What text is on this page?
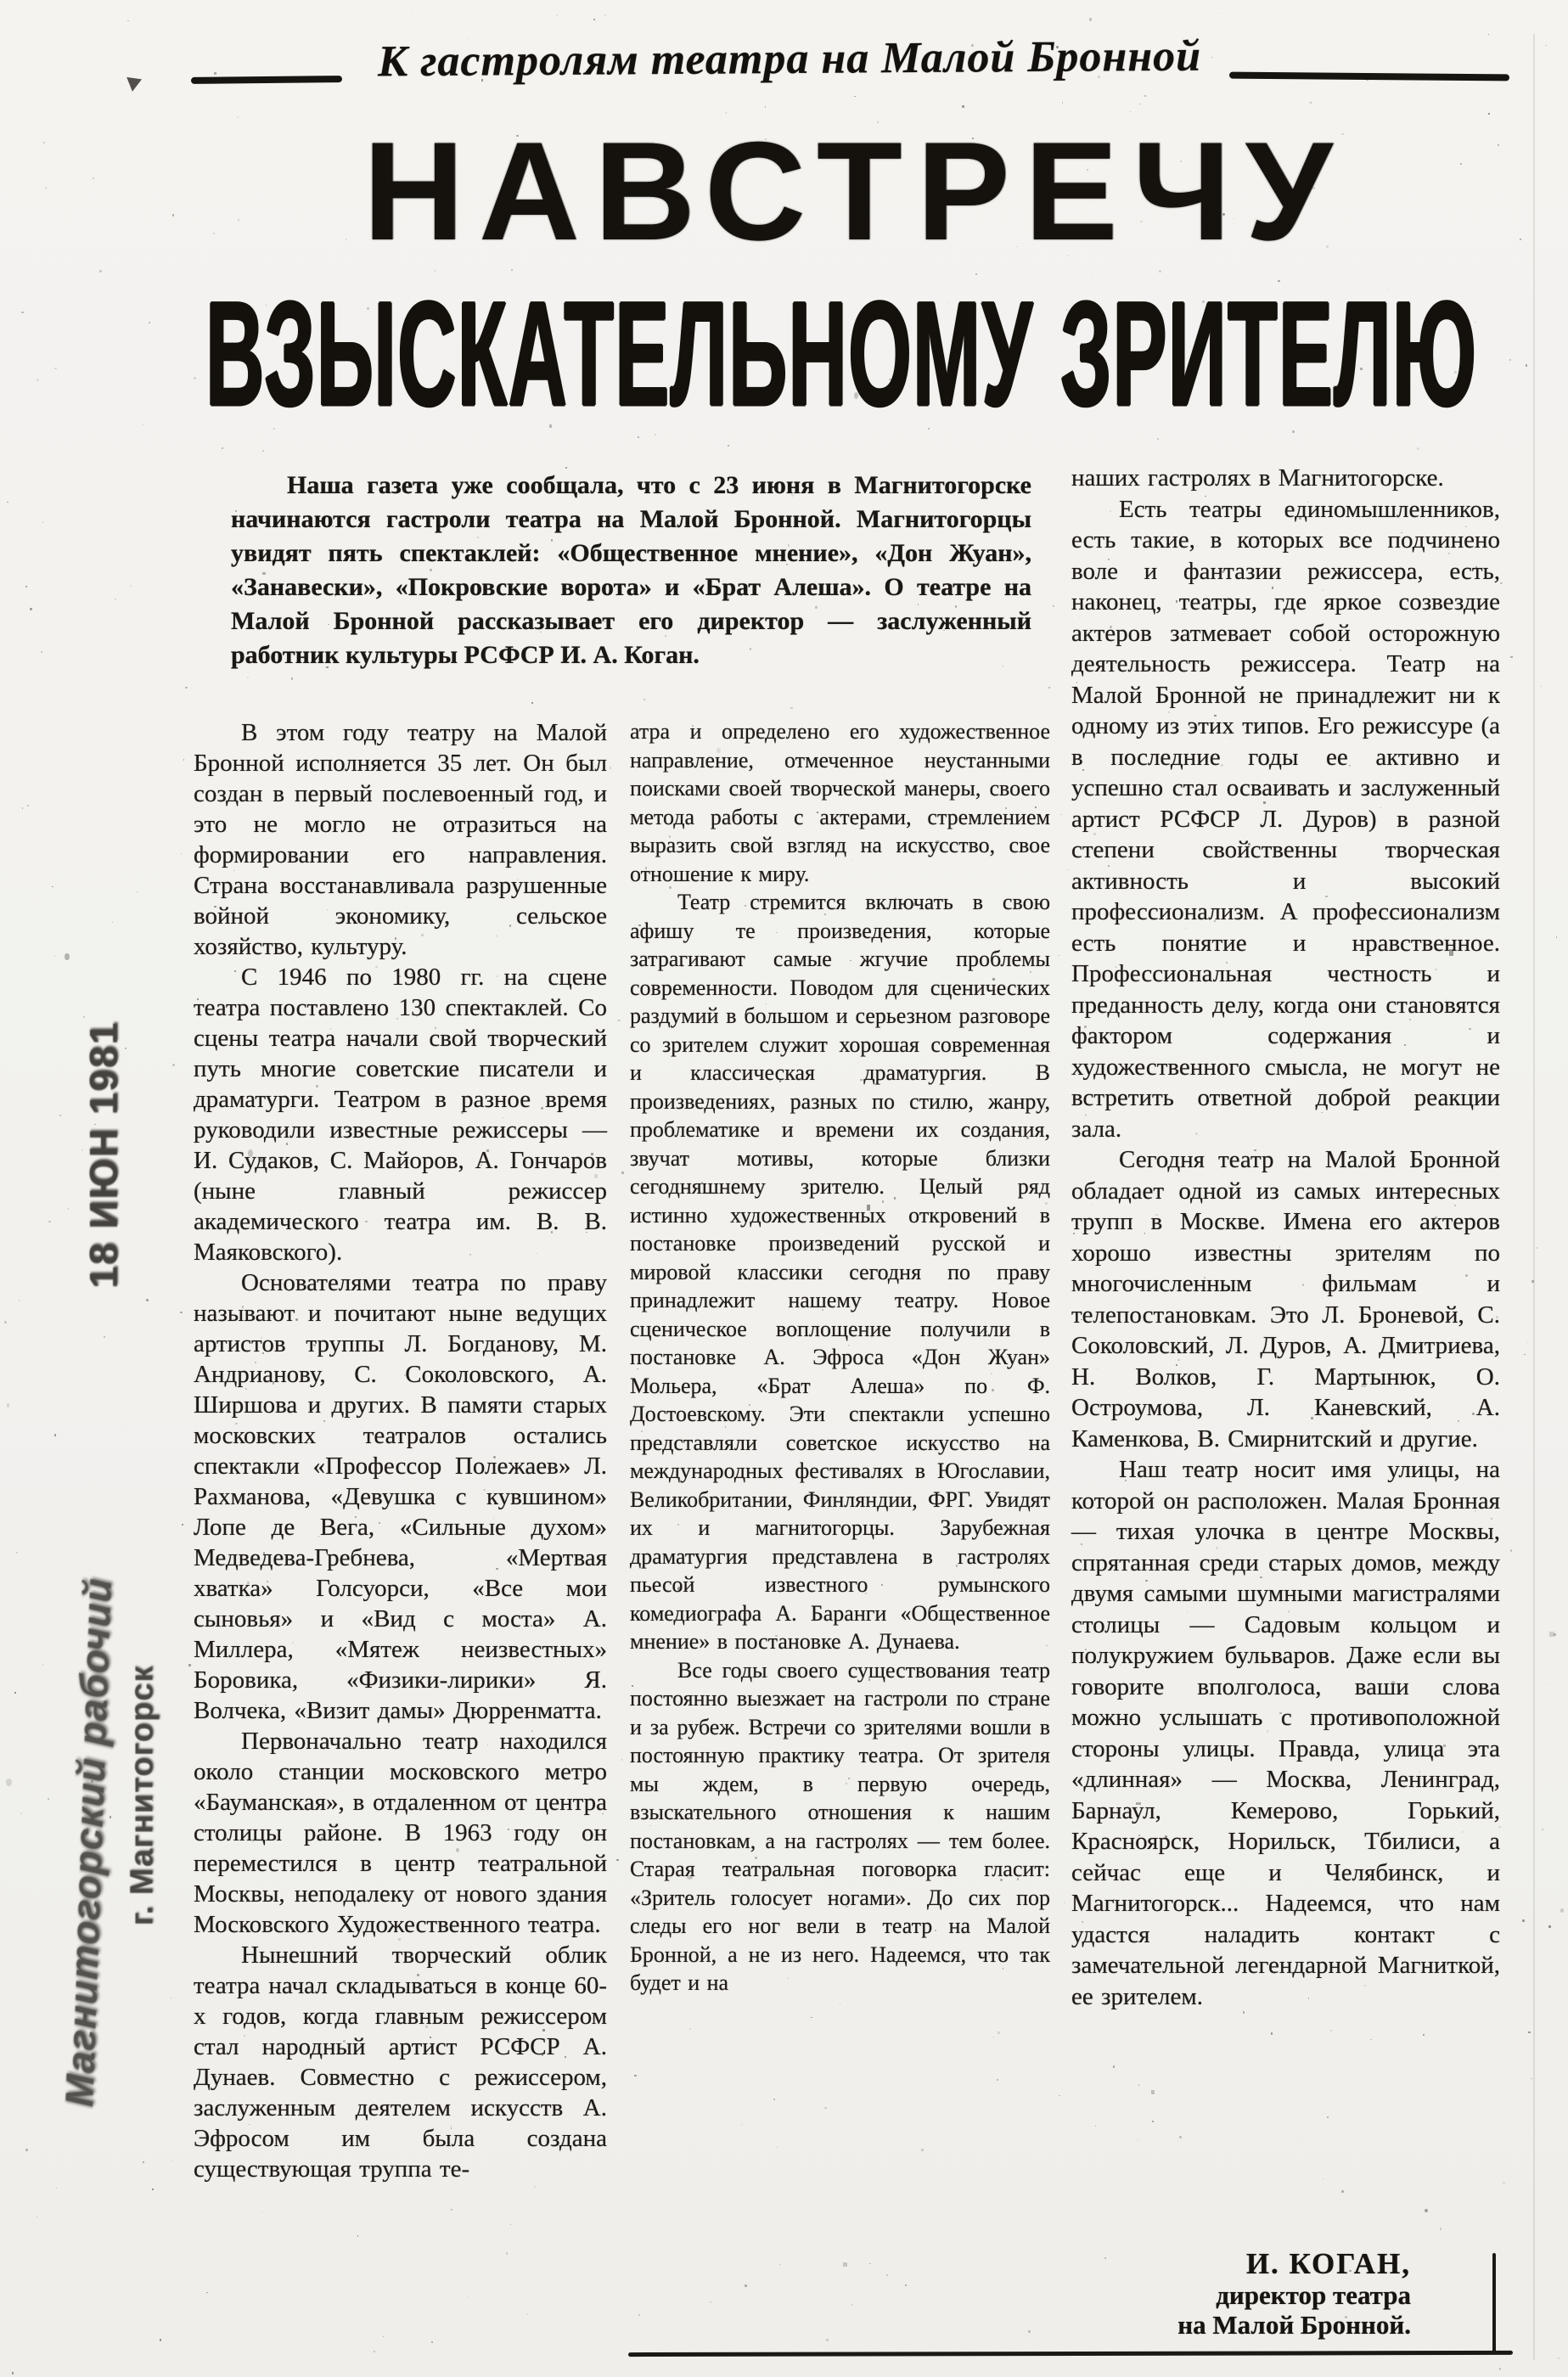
К гастролям театра на Малой Бронной
НАВСТРЕЧУ
ВЗЫСКАТЕЛЬНОМУ ЗРИТЕЛЮ

Наша газета уже сообщала, что с 23 июня в Магнитогорске начинаются гастроли театра на Малой Бронной. Магнитогорцы увидят пять спектаклей: «Общественное мнение», «Дон Жуан», «Занавески», «Покровские ворота» и «Брат Алеша». О театре на Малой Бронной рассказывает его директор — заслуженный работник культуры РСФСР И. А. Коган.

В этом году театру на Малой Бронной исполняется 35 лет. Он был создан в первый послевоенный год, и это не могло не отразиться на формировании его направления. Страна восстанавливала разрушенные войной экономику, сельское хозяйство, культуру.

С 1946 по 1980 гг. на сцене театра поставлено 130 спектаклей. Со сцены театра начали свой творческий путь многие советские писатели и драматурги. Театром в разное время руководили известные режиссеры — И. Судаков, С. Майоров, А. Гончаров (ныне главный режиссер академического театра им. В. В. Маяковского).

Основателями театра по праву называют и почитают ныне ведущих артистов труппы Л. Богданову, М. Андрианову, С. Соколовского, А. Ширшова и других. В памяти старых московских театралов остались спектакли «Профессор Полежаев» Л. Рахманова, «Девушка с кувшином» Лопе де Вега, «Сильные духом» Медведева-Гребнева, «Мертвая хватка» Голсуорси, «Все мои сыновья» и «Вид с моста» А. Миллера, «Мятеж неизвестных» Боровика, «Физики-лирики» Я. Волчека, «Визит дамы» Дюрренматта.

Первоначально театр находился около станции московского метро «Бауманская», в отдаленном от центра столицы районе. В 1963 году он переместился в центр театральной Москвы, неподалеку от нового здания Московского Художественного театра.

Нынешний творческий облик театра начал складываться в конце 60-х годов, когда главным режиссером стал народный артист РСФСР А. Дунаев. Совместно с режиссером, заслуженным деятелем искусств А. Эфросом им была создана существующая труппа те-

атра и определено его художественное направление, отмеченное неустанными поисками своей творческой манеры, своего метода работы с актерами, стремлением выразить свой взгляд на искусство, свое отношение к миру.

Театр стремится включать в свою афишу те произведения, которые затрагивают самые жгучие проблемы современности. Поводом для сценических раздумий в большом и серьезном разговоре со зрителем служит хорошая современная и классическая драматургия. В произведениях, разных по стилю, жанру, проблематике и времени их создания, звучат мотивы, которые близки сегодняшнему зрителю. Целый ряд истинно художественных откровений в постановке произведений русской и мировой классики сегодня по праву принадлежит нашему театру. Новое сценическое воплощение получили в постановке А. Эфроса «Дон Жуан» Мольера, «Брат Алеша» по Ф. Достоевскому. Эти спектакли успешно представляли советское искусство на международных фестивалях в Югославии, Великобритании, Финляндии, ФРГ. Увидят их и магнитогорцы. Зарубежная драматургия представлена в гастролях пьесой известного румынского комедиографа А. Баранги «Общественное мнение» в постановке А. Дунаева.

Все годы своего существования театр постоянно выезжает на гастроли по стране и за рубеж. Встречи со зрителями вошли в постоянную практику театра. От зрителя мы ждем, в первую очередь, взыскательного отношения к нашим постановкам, а на гастролях — тем более. Старая театральная поговорка гласит: «Зритель голосует ногами». До сих пор следы его ног вели в театр на Малой Бронной, а не из него. Надеемся, что так будет и на

наших гастролях в Магнитогорске.

Есть театры единомышленников, есть такие, в которых все подчинено воле и фантазии режиссера, есть, наконец, театры, где яркое созвездие актеров затмевает собой осторожную деятельность режиссера. Театр на Малой Бронной не принадлежит ни к одному из этих типов. Его режиссуре (а в последние годы ее активно и успешно стал осваивать и заслуженный артист РСФСР Л. Дуров) в разной степени свойственны творческая активность и высокий профессионализм. А профессионализм есть понятие и нравственное. Профессиональная честность и преданность делу, когда они становятся фактором содержания и художественного смысла, не могут не встретить ответной доброй реакции зала.

Сегодня театр на Малой Бронной обладает одной из самых интересных трупп в Москве. Имена его актеров хорошо известны зрителям по многочисленным фильмам и телепостановкам. Это Л. Броневой, С. Соколовский, Л. Дуров, А. Дмитриева, Н. Волков, Г. Мартынюк, О. Остроумова, Л. Каневский, А. Каменкова, В. Смирнитский и другие.

Наш театр носит имя улицы, на которой он расположен. Малая Бронная — тихая улочка в центре Москвы, спрятанная среди старых домов, между двумя самыми шумными магистралями столицы — Садовым кольцом и полукружием бульваров. Даже если вы говорите вполголоса, ваши слова можно услышать с противоположной стороны улицы. Правда, улица эта «длинная» — Москва, Ленинград, Барнаул, Кемерово, Горький, Красноярск, Норильск, Тбилиси, а сейчас еще и Челябинск, и Магнитогорск... Надеемся, что нам удастся наладить контакт с замечательной легендарной Магниткой, ее зрителем.

И. КОГАН,

директор театра

на Малой Бронной.

18 ИЮН 1981
Магнитогорский рабочий г. Магнитогорск
